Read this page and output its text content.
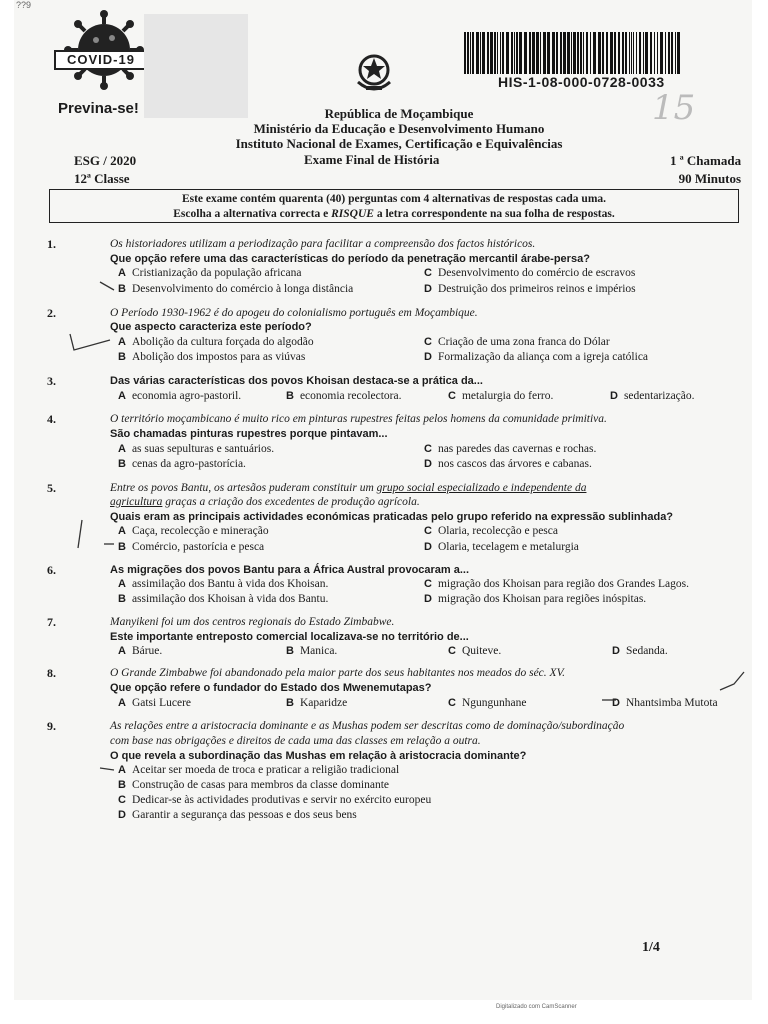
??9
COVID-19
Previna-se!
HIS-1-08-000-0728-0033
15
República de Moçambique
Ministério da Educação e Desenvolvimento Humano
Instituto Nacional de Exames, Certificação e Equivalências
ESG / 2020
12ª Classe
Exame Final de História	1 ª Chamada
90 Minutos
Este exame contém quarenta (40) perguntas com 4 alternativas de respostas cada uma.
Escolha a alternativa correcta e RISQUE a letra correspondente na sua folha de respostas.
1.	Os historiadores utilizam a periodização para facilitar a compreensão dos factos históricos.
Que opção refere uma das características do período da penetração mercantil árabe-persa?
A Cristianização da população africana
B Desenvolvimento do comércio à longa distância
C Desenvolvimento do comércio de escravos
D Destruição dos primeiros reinos e impérios
2.	O Período 1930-1962 é do apogeu do colonialismo português em Moçambique.
Que aspecto caracteriza este período?
A Abolição da cultura forçada do algodão
B Abolição dos impostos para as viúvas
C Criação de uma zona franca do Dólar
D Formalização da aliança com a igreja católica
3.	Das várias características dos povos Khoisan destaca-se a prática da...
A economia agro-pastoril.	B economia recolectora.	C metalurgia do ferro.	D sedentarização.
4.	O território moçambicano é muito rico em pinturas rupestres feitas pelos homens da comunidade primitiva.
São chamadas pinturas rupestres porque pintavam...
A as suas sepulturas e santuários.
B cenas da agro-pastorícia.
C nas paredes das cavernas e rochas.
D nos cascos das árvores e cabanas.
5.	Entre os povos Bantu, os artesãos puderam constituir um grupo social especializado e independente da
agricultura graças a criação dos excedentes de produção agrícola.
Quais eram as principais actividades económicas praticadas pelo grupo referido na expressão sublinhada?
A Caça, recolecção e mineração
B Comércio, pastorícia e pesca
C Olaria, recolecção e pesca
D Olaria, tecelagem e metalurgia
6.	As migrações dos povos Bantu para a África Austral provocaram a...
A assimilação dos Bantu à vida dos Khoisan.
B assimilação dos Khoisan à vida dos Bantu.
C migração dos Khoisan para região dos Grandes Lagos.
D migração dos Khoisan para regiões inóspitas.
7.	Manyikeni foi um dos centros regionais do Estado Zimbabwe.
Este importante entreposto comercial localizava-se no território de...
A Bárue.	B Manica.	C Quiteve.	D Sedanda.
8.	O Grande Zimbabwe foi abandonado pela maior parte dos seus habitantes nos meados do séc. XV.
Que opção refere o fundador do Estado dos Mwenemutapas?
A Gatsi Lucere	B Kaparidze	C Ngungunhane	D Nhantsimba Mutota
9.	As relações entre a aristocracia dominante e as Mushas podem ser descritas como de dominação/subordinação
com base nas obrigações e direitos de cada uma das classes em relação a outra.
O que revela a subordinação das Mushas em relação à aristocracia dominante?
A Aceitar ser moeda de troca e praticar a religião tradicional
B Construção de casas para membros da classe dominante
C Dedicar-se às actividades produtivas e servir no exército europeu
D Garantir a segurança das pessoas e dos seus bens
1/4
Digitalizado com CamScanner
